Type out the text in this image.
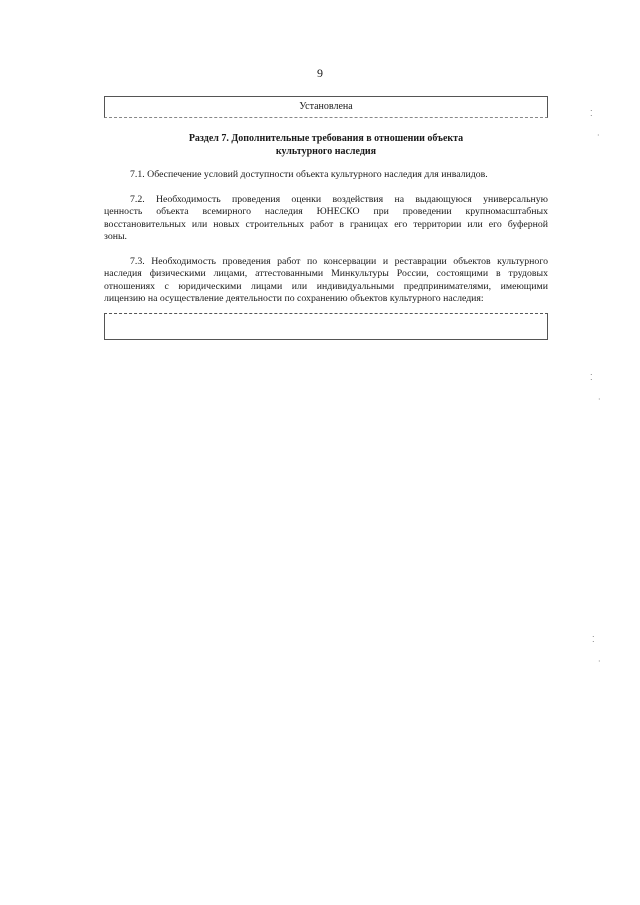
9
Установлена
Раздел 7. Дополнительные требования в отношении объекта
культурного наследия
7.1. Обеспечение условий доступности объекта культурного наследия для инвалидов.
7.2. Необходимость проведения оценки воздействия на выдающуюся универсальную
ценность объекта всемирного наследия ЮНЕСКО при проведении крупномасштабных
восстановительных или новых строительных работ в границах его территории или его буферной
зоны.
7.3. Необходимость проведения работ по консервации и реставрации объектов культурного
наследия физическими лицами, аттестованными Минкультуры России, состоящими в трудовых
отношениях с юридическими лицами или индивидуальными предпринимателями, имеющими
лицензию на осуществление деятельности по сохранению объектов культурного наследия:
⁚
·
⁚
·
⁚
·
